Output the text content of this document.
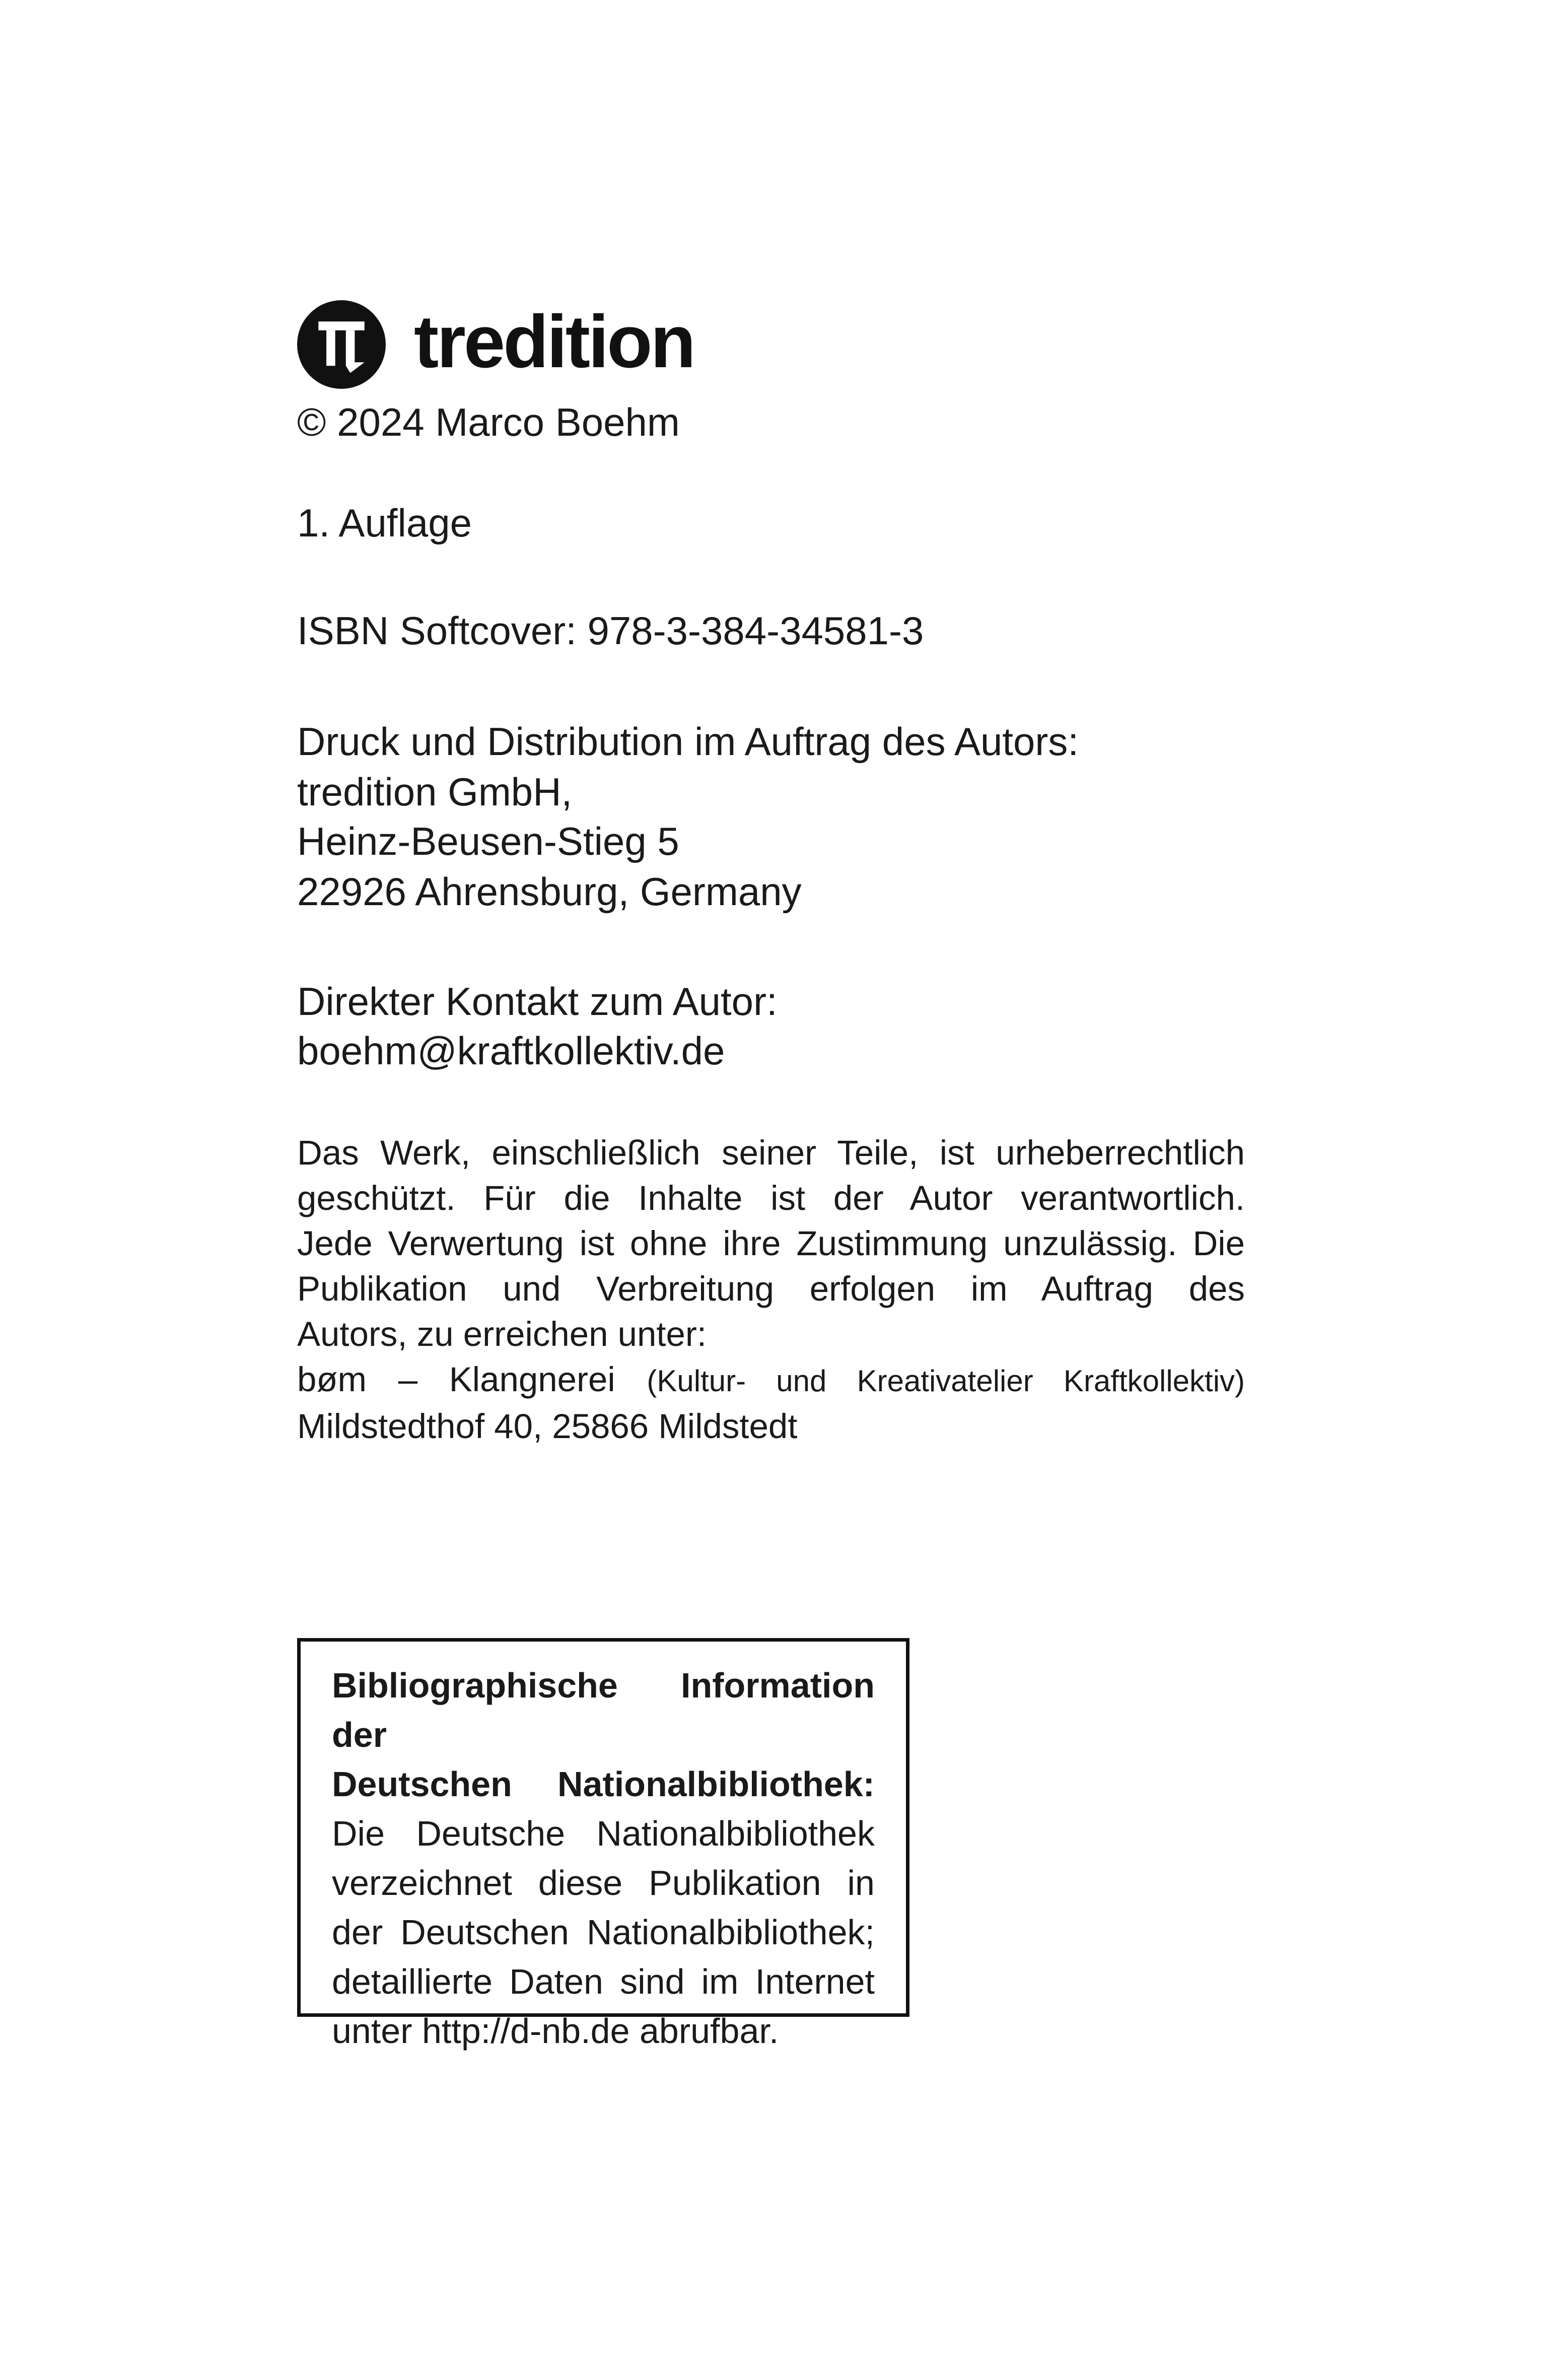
tredition
© 2024 Marco Boehm
1. Auflage
ISBN Softcover: 978-3-384-34581-3
Druck und Distribution im Auftrag des Autors:
tredition GmbH,
Heinz-Beusen-Stieg 5
22926 Ahrensburg, Germany
Direkter Kontakt zum Autor:
boehm@kraftkollektiv.de

Das Werk, einschließlich seiner Teile, ist urheberrechtlich

geschützt. Für die Inhalte ist der Autor verantwortlich.

Jede Verwertung ist ohne ihre Zustimmung unzulässig. Die

Publikation und Verbreitung erfolgen im Auftrag des

Autors, zu erreichen unter:

bøm – Klangnerei (Kultur- und Kreativatelier Kraftkollektiv)

Mildstedthof 40, 25866 Mildstedt

Bibliographische Information der
Deutschen Nationalbibliothek:
Die Deutsche Nationalbibliothek
verzeichnet diese Publikation in
der Deutschen Nationalbibliothek;
detaillierte Daten sind im Internet
unter http://d-nb.de abrufbar.
